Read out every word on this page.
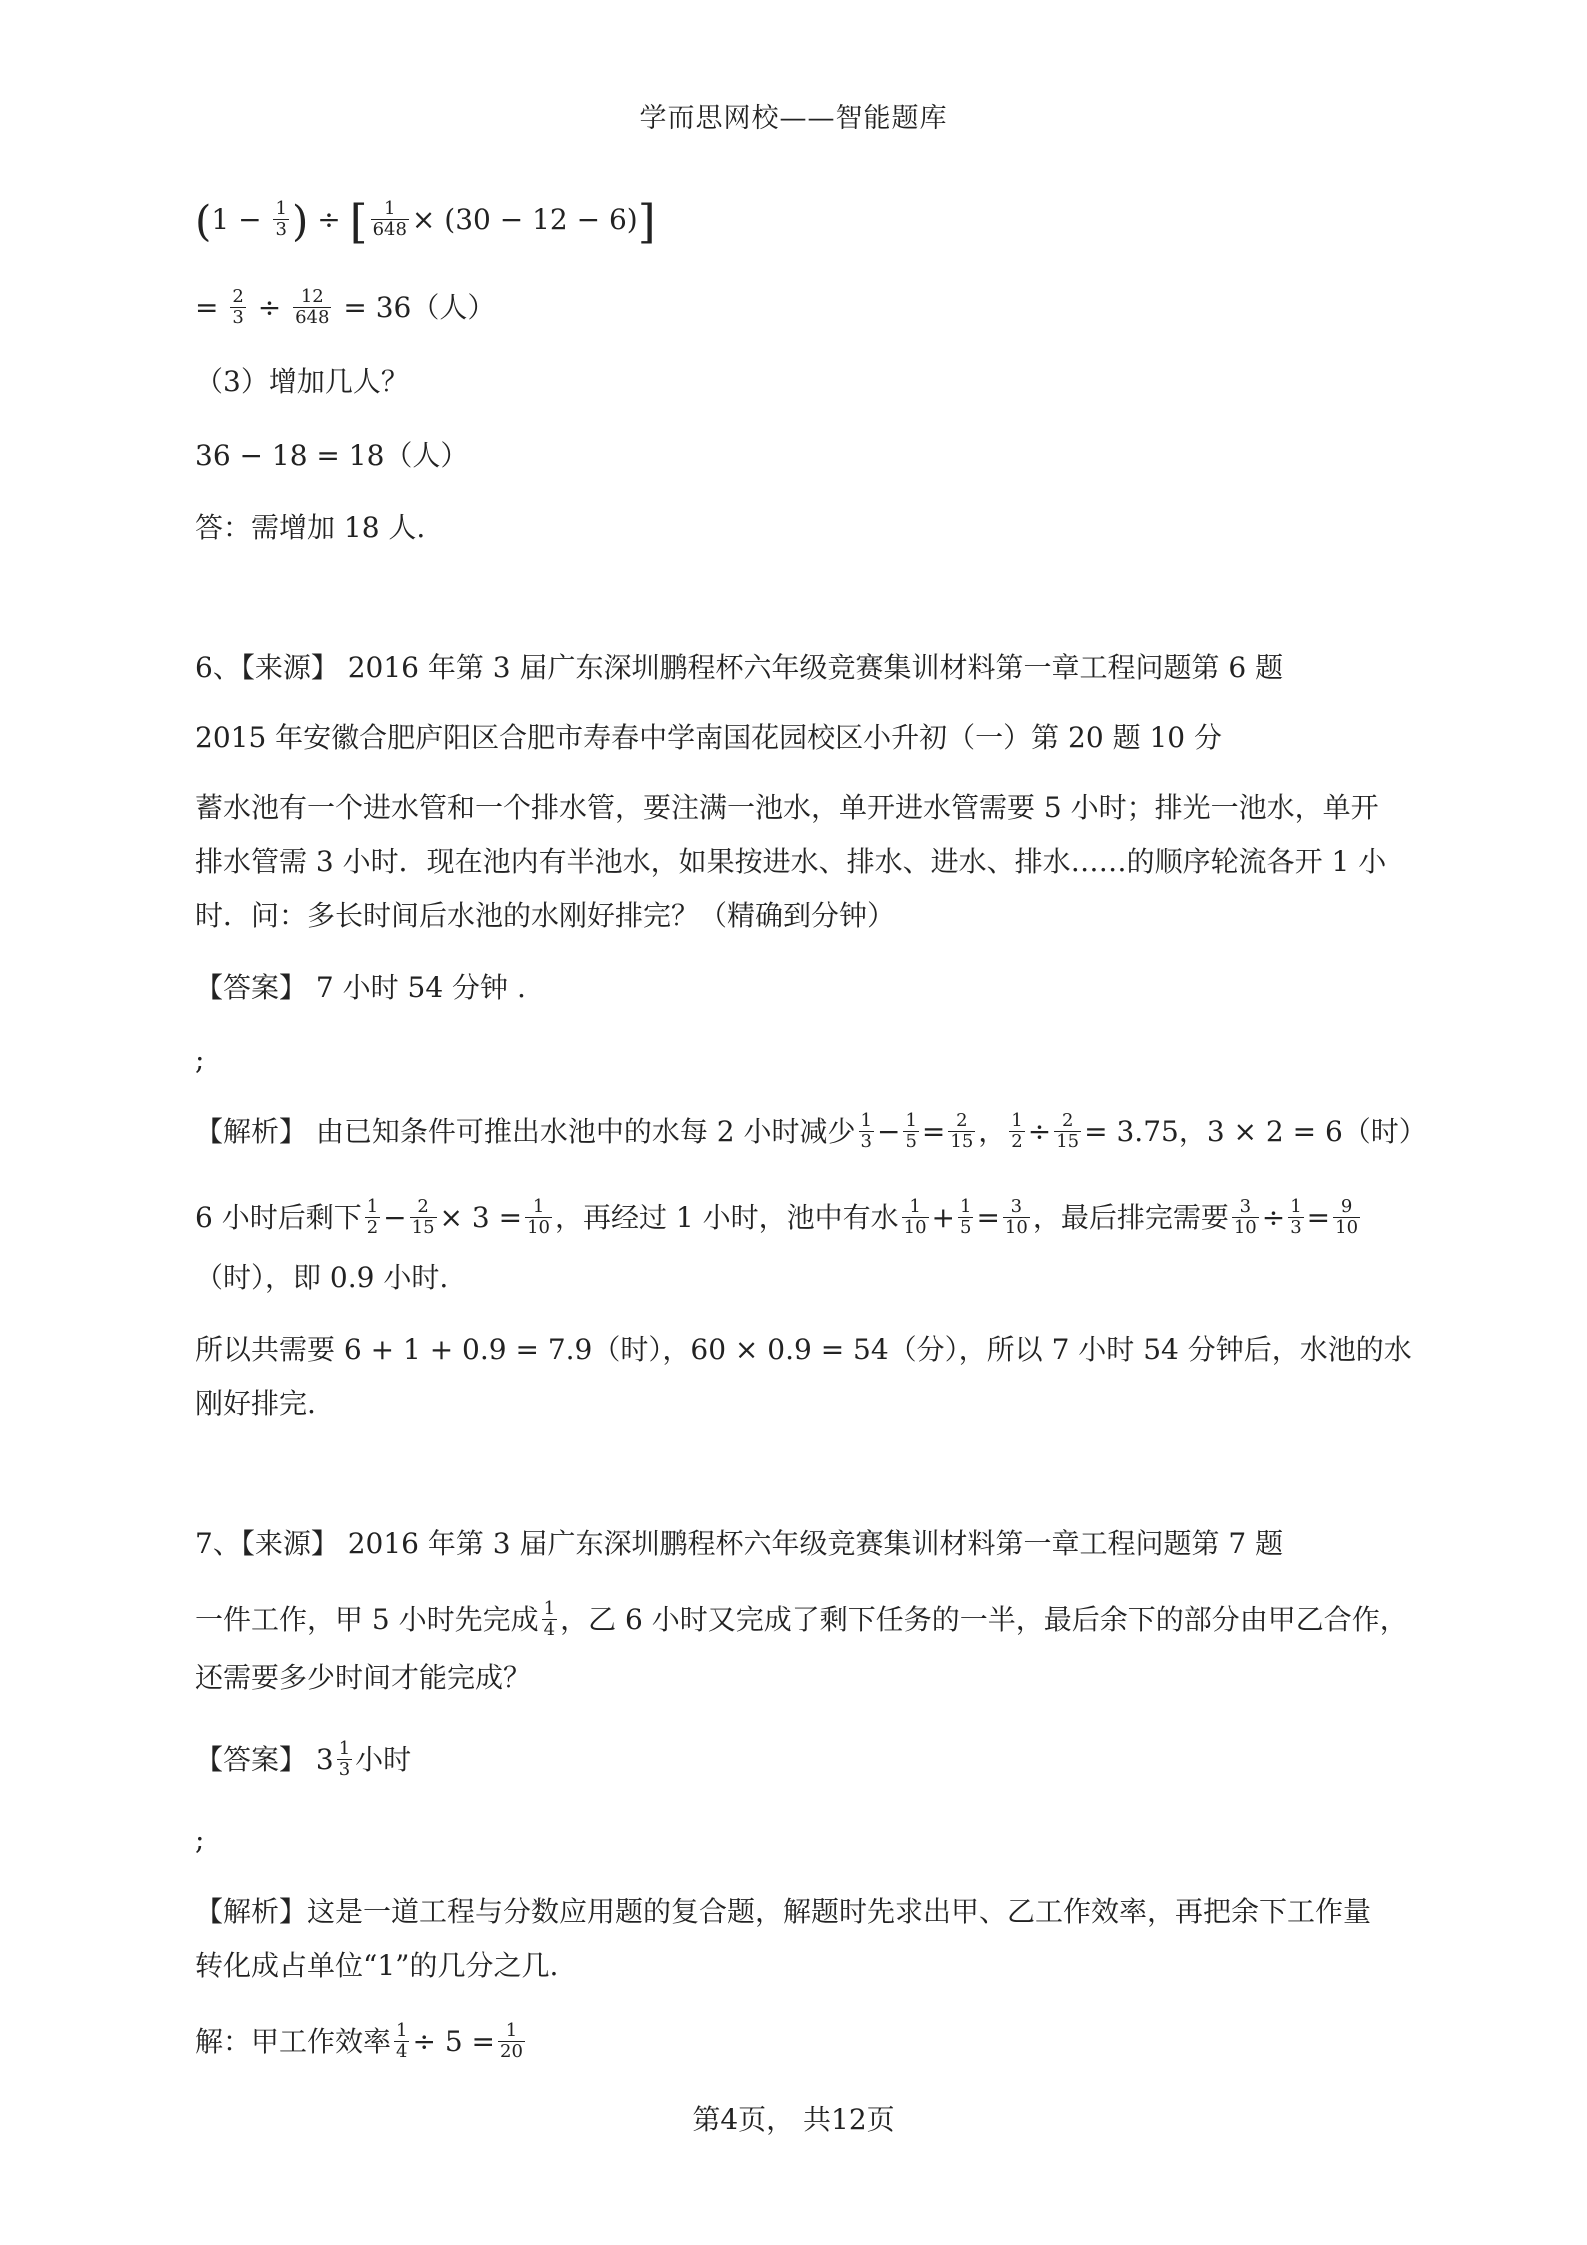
学而思网校——智能题库
($1 - \frac{1}{3}$ ) ÷ [ $\frac{1}{648} \times (30 - 12 - 6)$]
= $\frac{2}{3} \div \frac{12}{648} = 36$（人）
（3）增加几人？
36 − 18 = 18（人）
答：需增加 18 人.
6、【来源】 2016 年第 3 届广东深圳鹏程杯六年级竞赛集训材料第一章工程问题第 6 题
2015 年安徽合肥庐阳区合肥市寿春中学南国花园校区小升初（一）第 20 题 10 分
蓄水池有一个进水管和一个排水管，要注满一池水，单开进水管需要 5 小时；排光一池水，单开
排水管需 3 小时．现在池内有半池水，如果按进水、排水、进水、排水……的顺序轮流各开 1 小
时．问：多长时间后水池的水刚好排完？（精确到分钟）
【答案】 7 小时 54 分钟 .
;
【解析】 由已知条件可推出水池中的水每 2 小时减少 $\frac{1}{3} - \frac{1}{5} = \frac{2}{15}$ ， $\frac{1}{2} \div \frac{2}{15} = 3.75$，3 × 2 = 6（时）
6 小时后剩下 $\frac{1}{2} - \frac{2}{15} \times 3 = \frac{1}{10}$ ，再经过 1 小时，池中有水 $\frac{1}{10} + \frac{1}{5} = \frac{3}{10}$ ，最后排完需要 $\frac{3}{10} \div \frac{1}{3} = \frac{9}{10}$
（时），即 0.9 小时.
所以共需要 6 + 1 + 0.9 = 7.9（时），60 × 0.9 = 54（分），所以 7 小时 54 分钟后，水池的水
刚好排完.
7、【来源】 2016 年第 3 届广东深圳鹏程杯六年级竞赛集训材料第一章工程问题第 7 题
一件工作，甲 5 小时先完成 $\frac{1}{4}$ ，乙 6 小时又完成了剩下任务的一半，最后余下的部分由甲乙合作，
还需要多少时间才能完成？
【答案】 $3 \frac{1}{3}$ 小时
;
【解析】这是一道工程与分数应用题的复合题，解题时先求出甲、乙工作效率，再把余下工作量
转化成占单位“1”的几分之几.
解：甲工作效率 $\frac{1}{4} \div 5 = \frac{1}{20}$
第4页， 共12页
